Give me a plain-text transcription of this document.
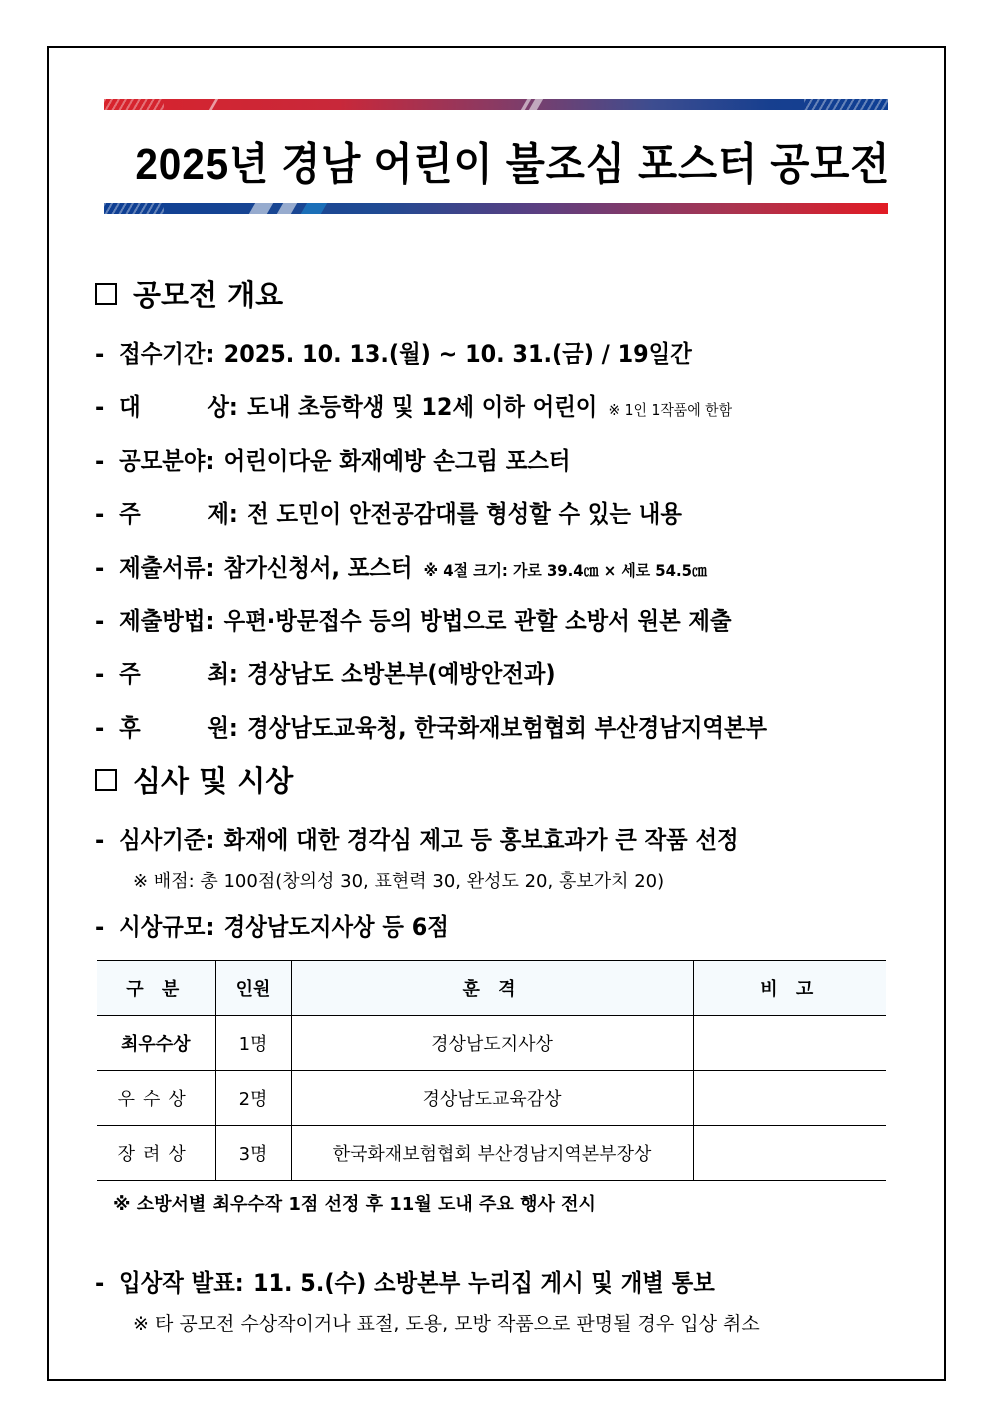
2025년 경남 어린이 불조심 포스터 공모전
공모전 개요
- 접수기간 : 2025. 10. 13.(월) ~ 10. 31.(금) / 19일간
- 대	상 : 도내 초등학생 및 12세 이하 어린이 ※ 1인 1작품에 한함
- 공모분야 : 어린이다운 화재예방 손그림 포스터
- 주	제 : 전 도민이 안전공감대를 형성할 수 있는 내용
- 제출서류 : 참가신청서, 포스터 ※ 4절 크기: 가로 39.4㎝ × 세로 54.5㎝
- 제출방법 : 우편·방문접수 등의 방법으로 관할 소방서 원본 제출
- 주	최 : 경상남도 소방본부(예방안전과)
- 후	원 : 경상남도교육청, 한국화재보험협회 부산경남지역본부
심사 및 시상
- 심사기준 : 화재에 대한 경각심 제고 등 홍보효과가 큰 작품 선정
※ 배점: 총 100점(창의성 30, 표현력 30, 완성도 20, 홍보가치 20)
- 시상규모 : 경상남도지사상 등 6점
구 분	인원	훈 격	비 고
최우수상	1명	경상남도지사상	
우수상	2명	경상남도교육감상	
장려상	3명	한국화재보험협회 부산경남지역본부장상	
※ 소방서별 최우수작 1점 선정 후 11월 도내 주요 행사 전시
- 입상작 발표 : 11. 5.(수) 소방본부 누리집 게시 및 개별 통보
※ 타 공모전 수상작이거나 표절, 도용, 모방 작품으로 판명될 경우 입상 취소
